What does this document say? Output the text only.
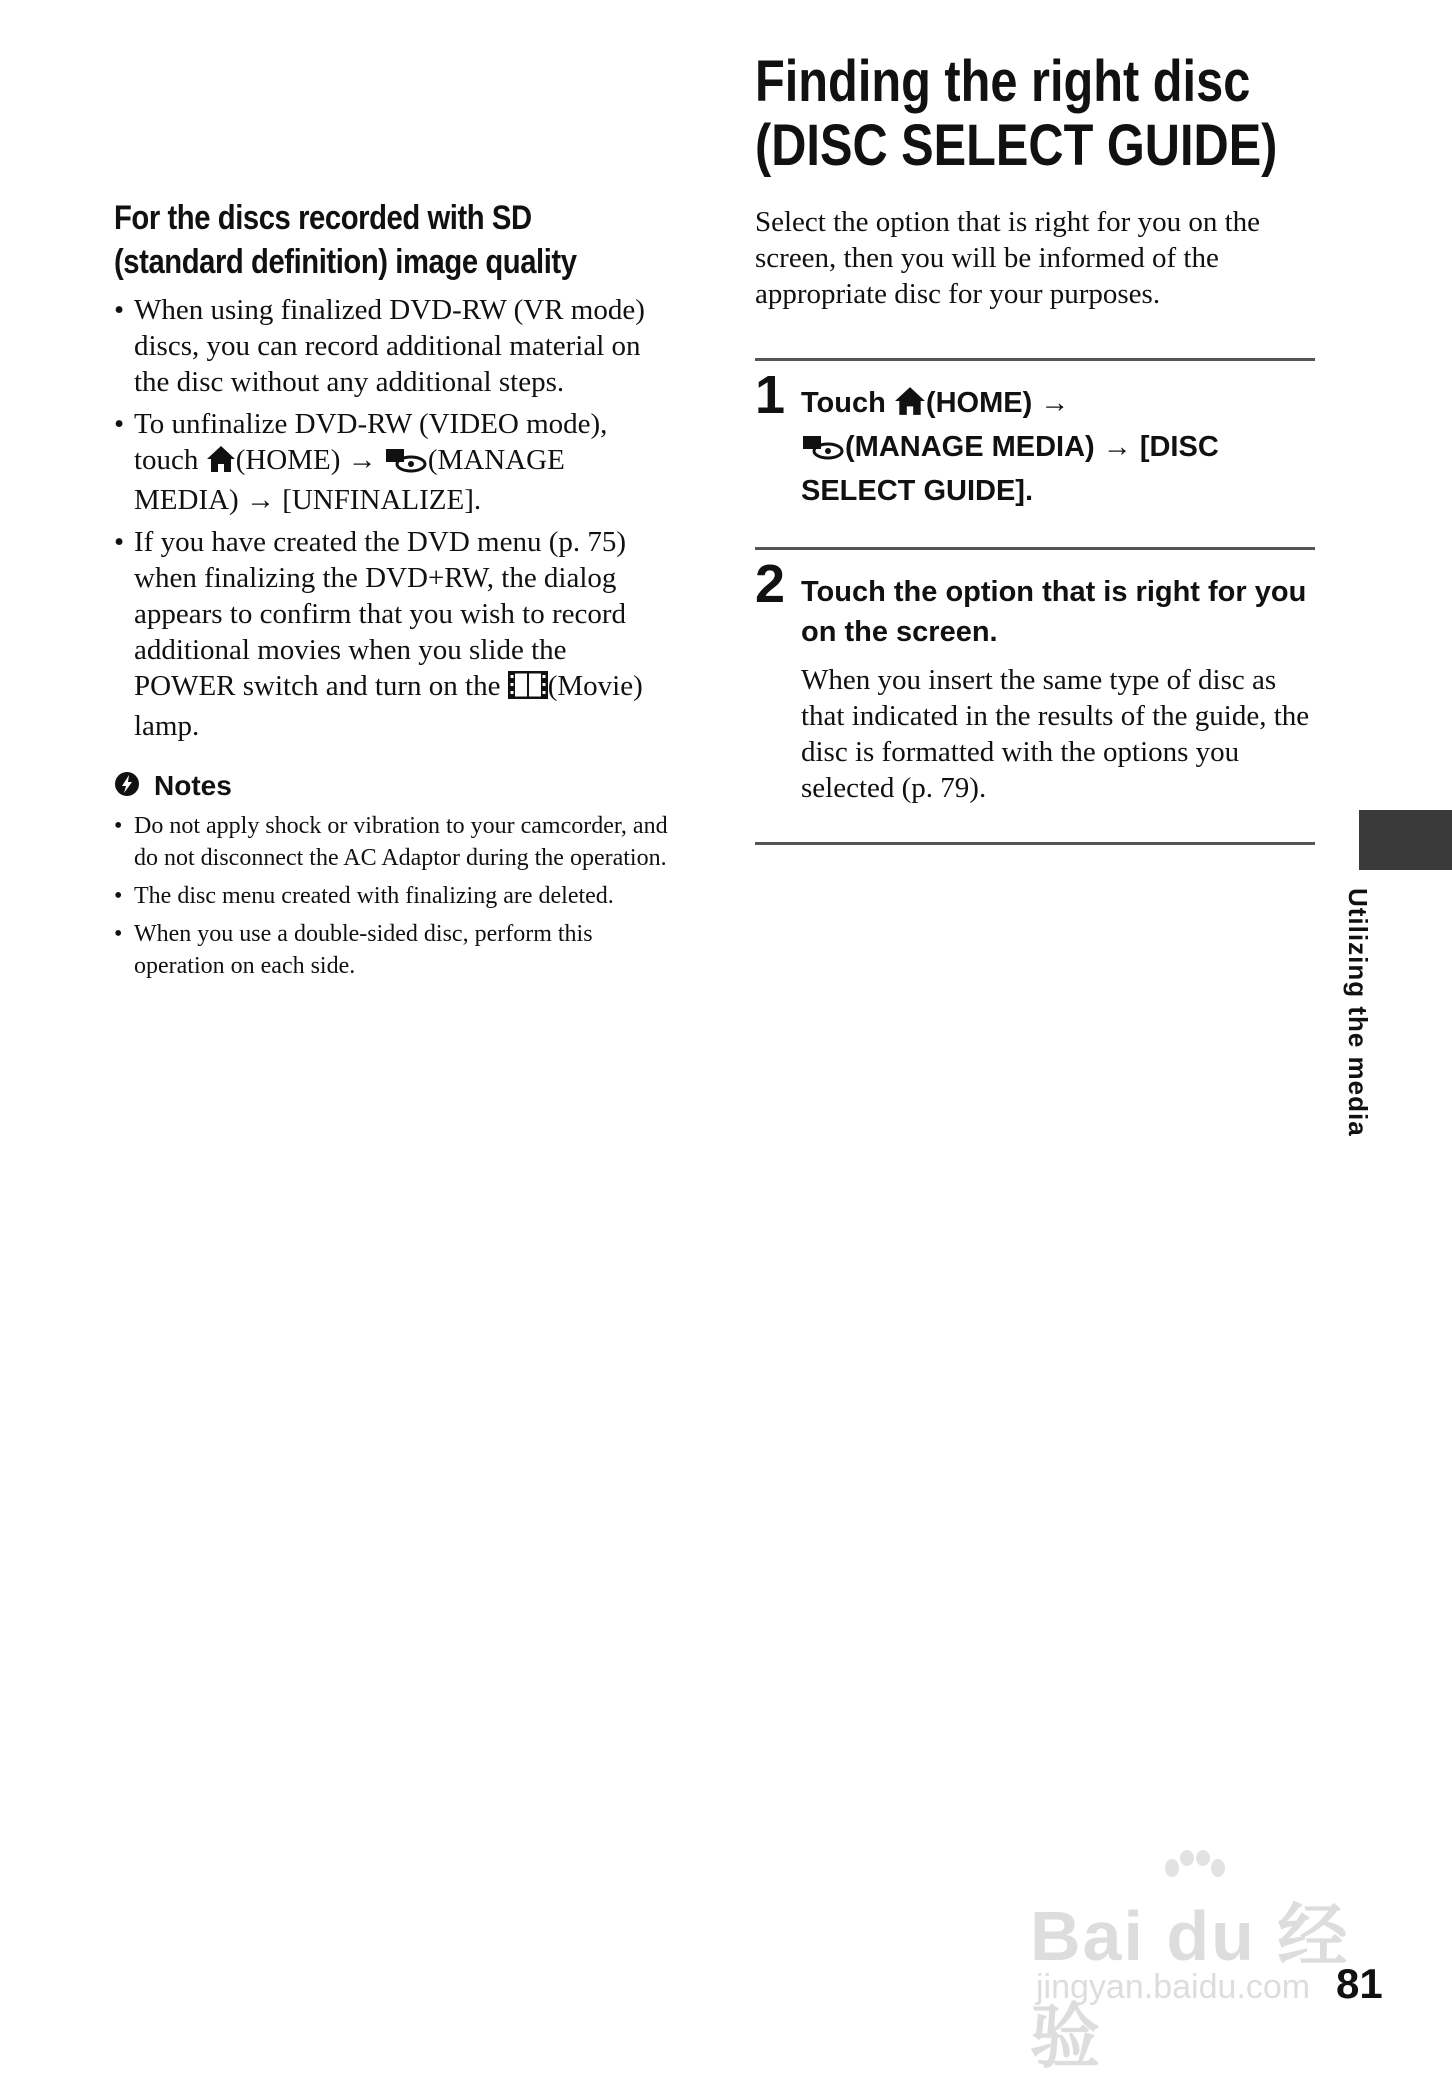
For the discs recorded with SD
(standard definition) image quality
• When using finalized DVD-RW (VR mode) discs, you can record additional material on the disc without any additional steps.
• To unfinalize DVD-RW (VIDEO mode), touch (HOME) → (MANAGE MEDIA) → [UNFINALIZE].
• If you have created the DVD menu (p. 75) when finalizing the DVD+RW, the dialog appears to confirm that you wish to record additional movies when you slide the POWER switch and turn on the (Movie) lamp.
Notes
• Do not apply shock or vibration to your camcorder, and do not disconnect the AC Adaptor during the operation.
• The disc menu created with finalizing are deleted.
• When you use a double-sided disc, perform this operation on each side.
Finding the right disc
(DISC SELECT GUIDE)

Select the option that is right for you on the screen, then you will be informed of the appropriate disc for your purposes.

1 Touch (HOME) →
(MANAGE MEDIA) → [DISC SELECT GUIDE].
2 Touch the option that is right for you on the screen.
When you insert the same type of disc as that indicated in the results of the guide, the disc is formatted with the options you selected (p. 79).
Utilizing the media
Bai du 经验
jingyan.baidu.com 81
